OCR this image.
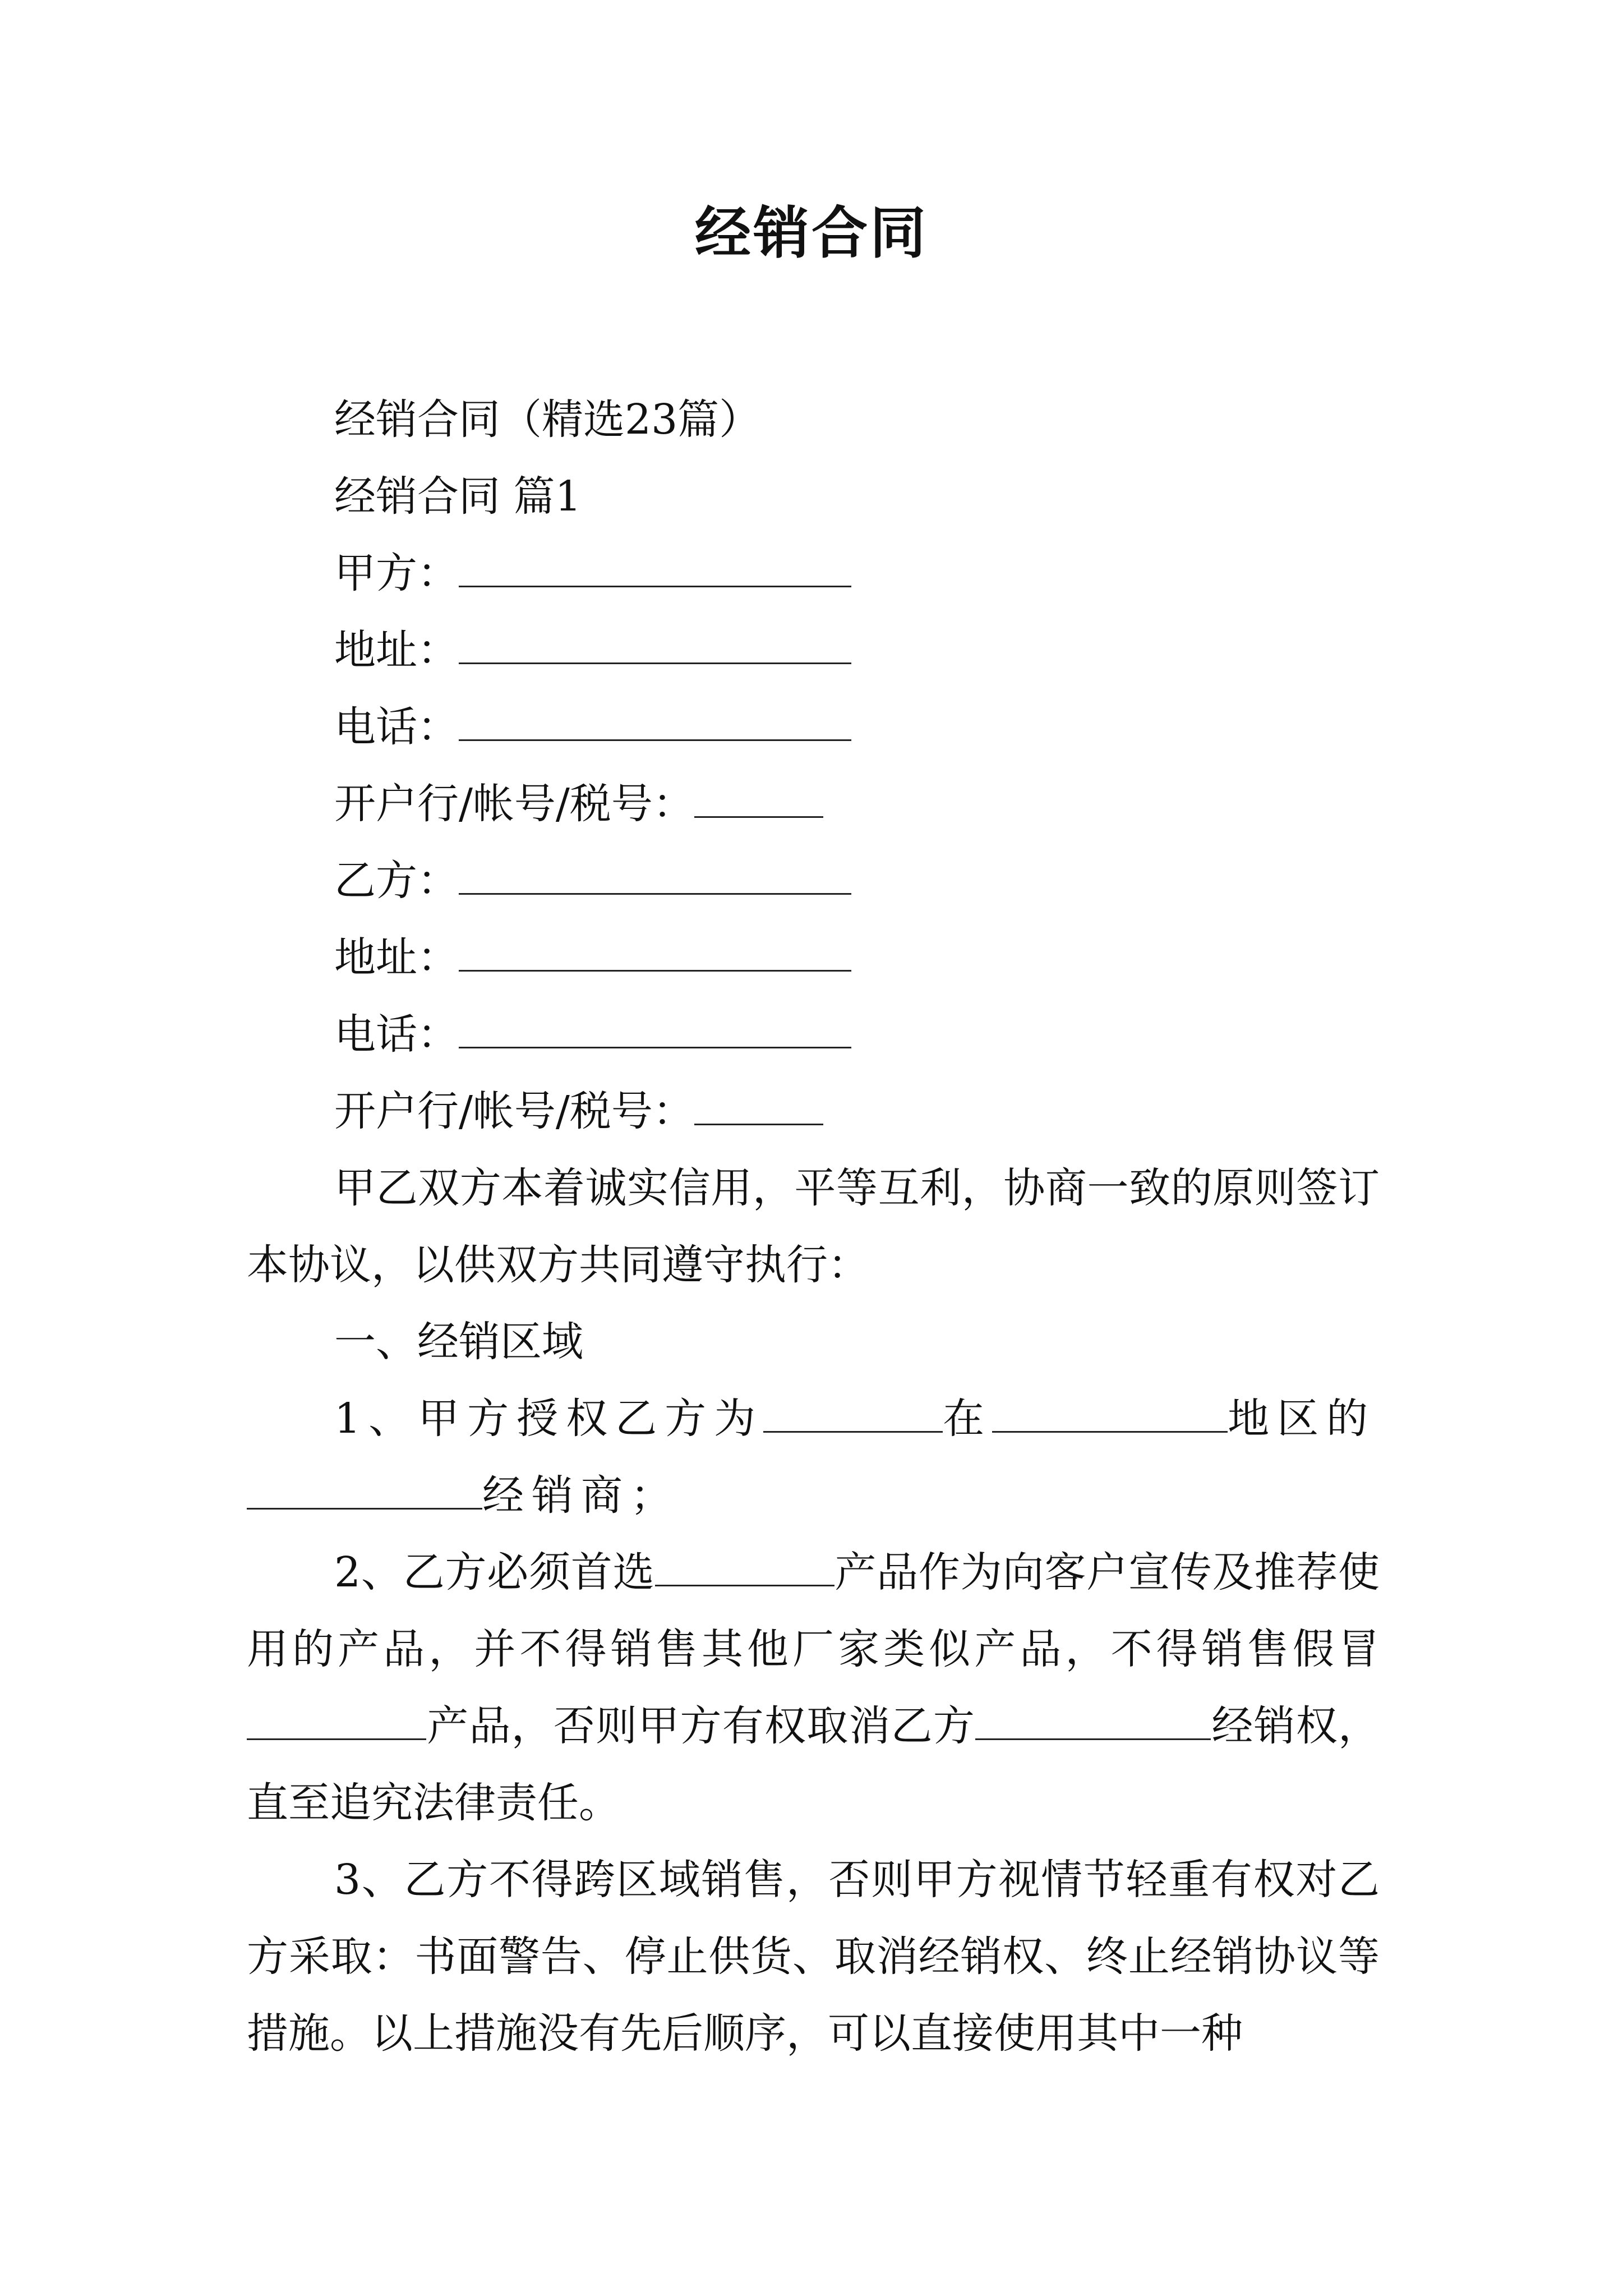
经销合同
经销合同（精选23篇）
经销合同 篇1
甲方：
地址：
电话：
开户行/帐号/税号：
乙方：
地址：
电话：
开户行/帐号/税号：
甲乙双方本着诚实信用，平等互利，协商一致的原则签订本协议，以供双方共同遵守执行：
一、经销区域
1、甲方授权乙方为	在	地区的
经销商；
2、乙方必须首选	产品作为向客户宣传及推荐使用的产品，并不得销售其他厂家类似产品，不得销售假冒产品，否则甲方有权取消乙方	经销权，直至追究法律责任。
3、乙方不得跨区域销售，否则甲方视情节轻重有权对乙方采取：书面警告、停止供货、取消经销权、终止经销协议等措施。以上措施没有先后顺序，可以直接使用其中一种
